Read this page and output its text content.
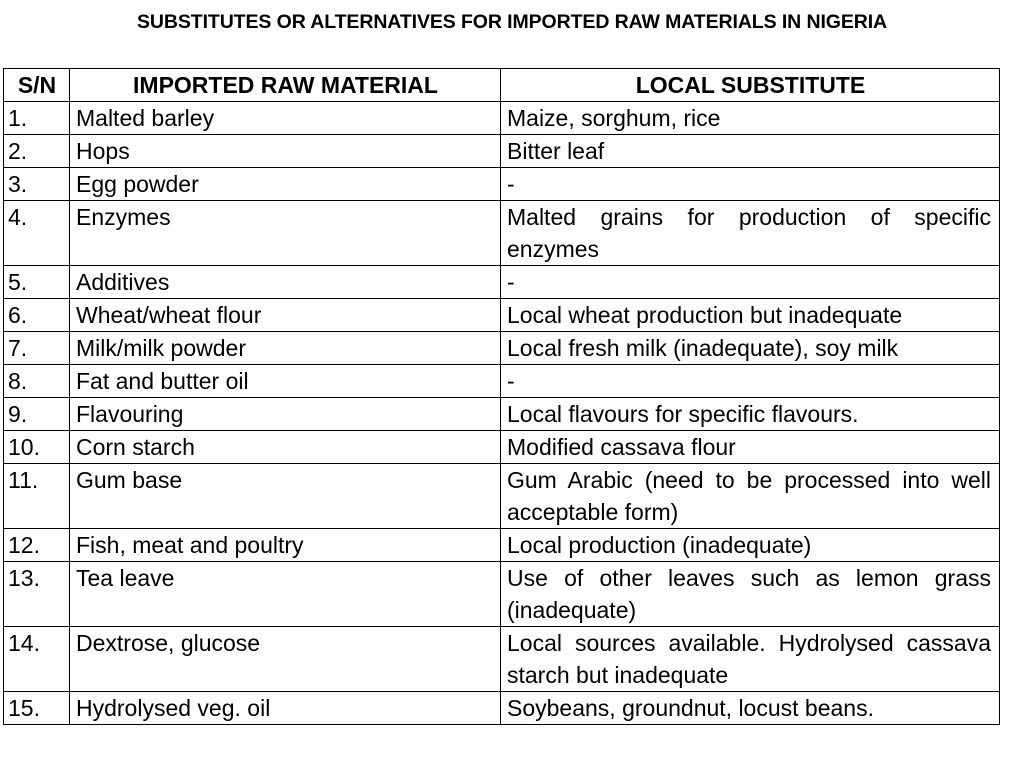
SUBSTITUTES OR ALTERNATIVES FOR IMPORTED RAW MATERIALS IN NIGERIA
S/N	IMPORTED RAW MATERIAL	LOCAL SUBSTITUTE
1.	Malted barley	Maize, sorghum, rice
2.	Hops	Bitter leaf
3.	Egg powder	-
4.	Enzymes	Malted grains for production of specific enzymes
5.	Additives	-
6.	Wheat/wheat flour	Local wheat production but inadequate
7.	Milk/milk powder	Local fresh milk (inadequate), soy milk
8.	Fat and butter oil	-
9.	Flavouring	Local flavours for specific flavours.
10.	Corn starch	Modified cassava flour
11.	Gum base	Gum Arabic (need to be processed into well acceptable form)
12.	Fish, meat and poultry	Local production (inadequate)
13.	Tea leave	Use of other leaves such as lemon grass (inadequate)
14.	Dextrose, glucose	Local sources available. Hydrolysed cassava starch but inadequate
15.	Hydrolysed veg. oil	Soybeans, groundnut, locust beans.
